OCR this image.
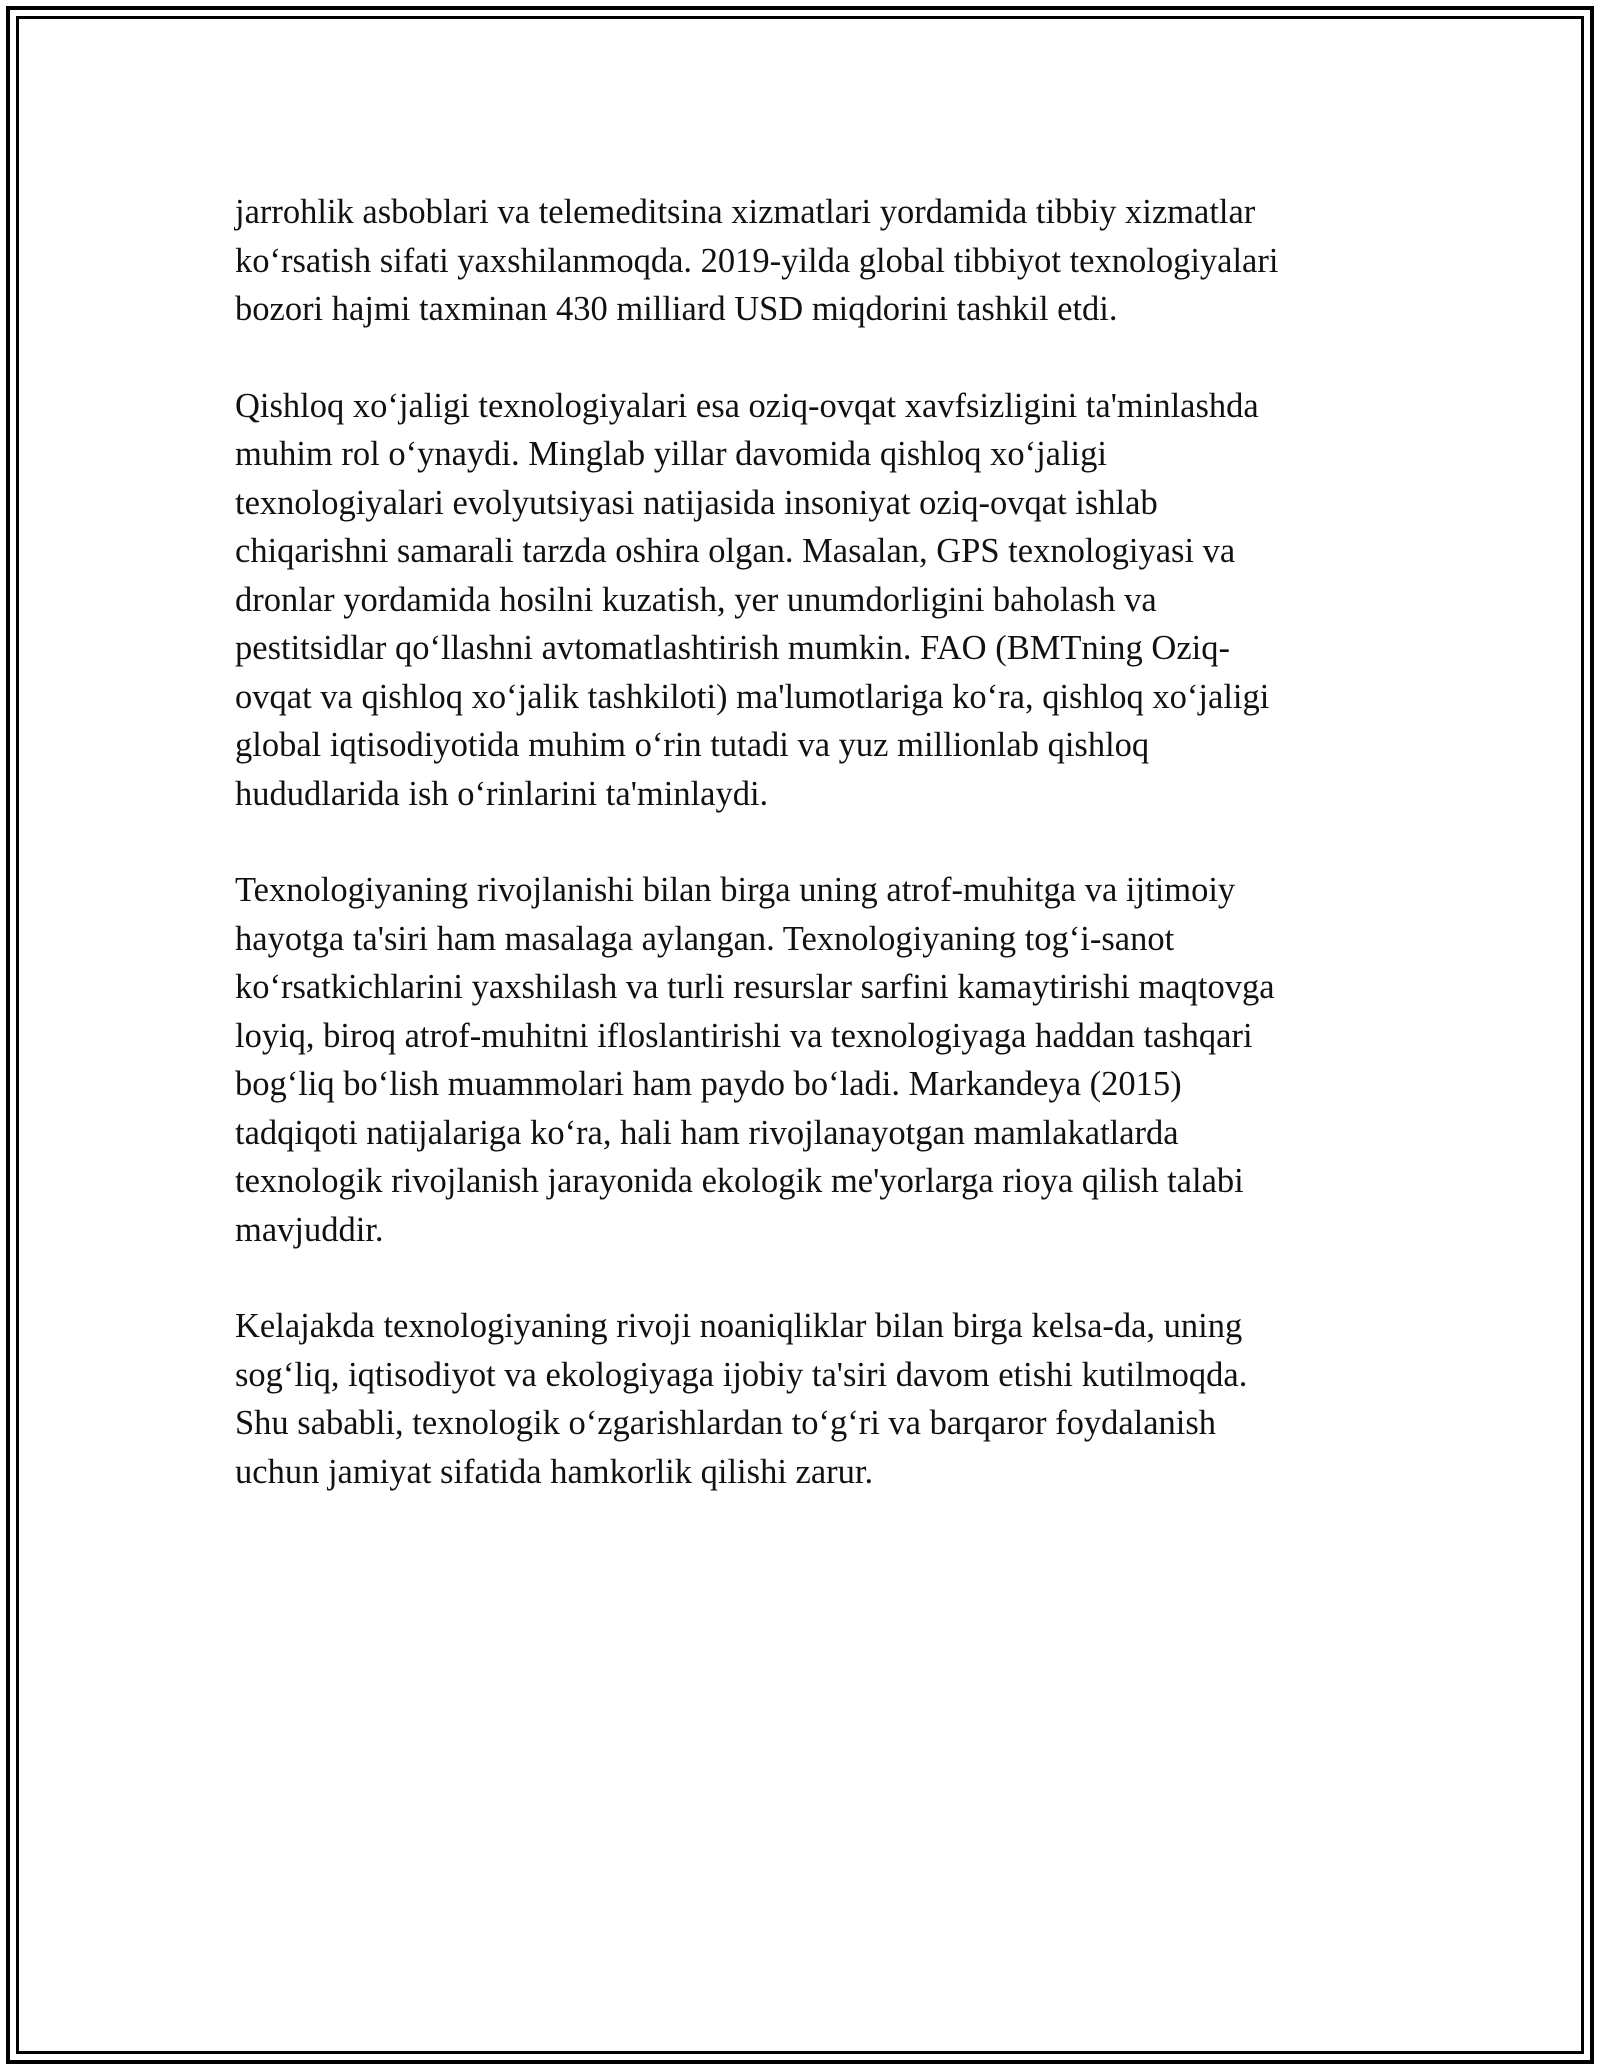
jarrohlik asboblari va telemeditsina xizmatlari yordamida tibbiy xizmatlar
ko‘rsatish sifati yaxshilanmoqda. 2019-yilda global tibbiyot texnologiyalari
bozori hajmi taxminan 430 milliard USD miqdorini tashkil etdi.

Qishloq xo‘jaligi texnologiyalari esa oziq-ovqat xavfsizligini ta'minlashda
muhim rol o‘ynaydi. Minglab yillar davomida qishloq xo‘jaligi
texnologiyalari evolyutsiyasi natijasida insoniyat oziq-ovqat ishlab
chiqarishni samarali tarzda oshira olgan. Masalan, GPS texnologiyasi va
dronlar yordamida hosilni kuzatish, yer unumdorligini baholash va
pestitsidlar qo‘llashni avtomatlashtirish mumkin. FAO (BMTning Oziq-
ovqat va qishloq xo‘jalik tashkiloti) ma'lumotlariga ko‘ra, qishloq xo‘jaligi
global iqtisodiyotida muhim o‘rin tutadi va yuz millionlab qishloq
hududlarida ish o‘rinlarini ta'minlaydi.

Texnologiyaning rivojlanishi bilan birga uning atrof-muhitga va ijtimoiy
hayotga ta'siri ham masalaga aylangan. Texnologiyaning tog‘i-sanot
ko‘rsatkichlarini yaxshilash va turli resurslar sarfini kamaytirishi maqtovga
loyiq, biroq atrof-muhitni ifloslantirishi va texnologiyaga haddan tashqari
bog‘liq bo‘lish muammolari ham paydo bo‘ladi. Markandeya (2015)
tadqiqoti natijalariga ko‘ra, hali ham rivojlanayotgan mamlakatlarda
texnologik rivojlanish jarayonida ekologik me'yorlarga rioya qilish talabi
mavjuddir.

Kelajakda texnologiyaning rivoji noaniqliklar bilan birga kelsa-da, uning
sog‘liq, iqtisodiyot va ekologiyaga ijobiy ta'siri davom etishi kutilmoqda.
Shu sababli, texnologik o‘zgarishlardan to‘g‘ri va barqaror foydalanish
uchun jamiyat sifatida hamkorlik qilishi zarur.
